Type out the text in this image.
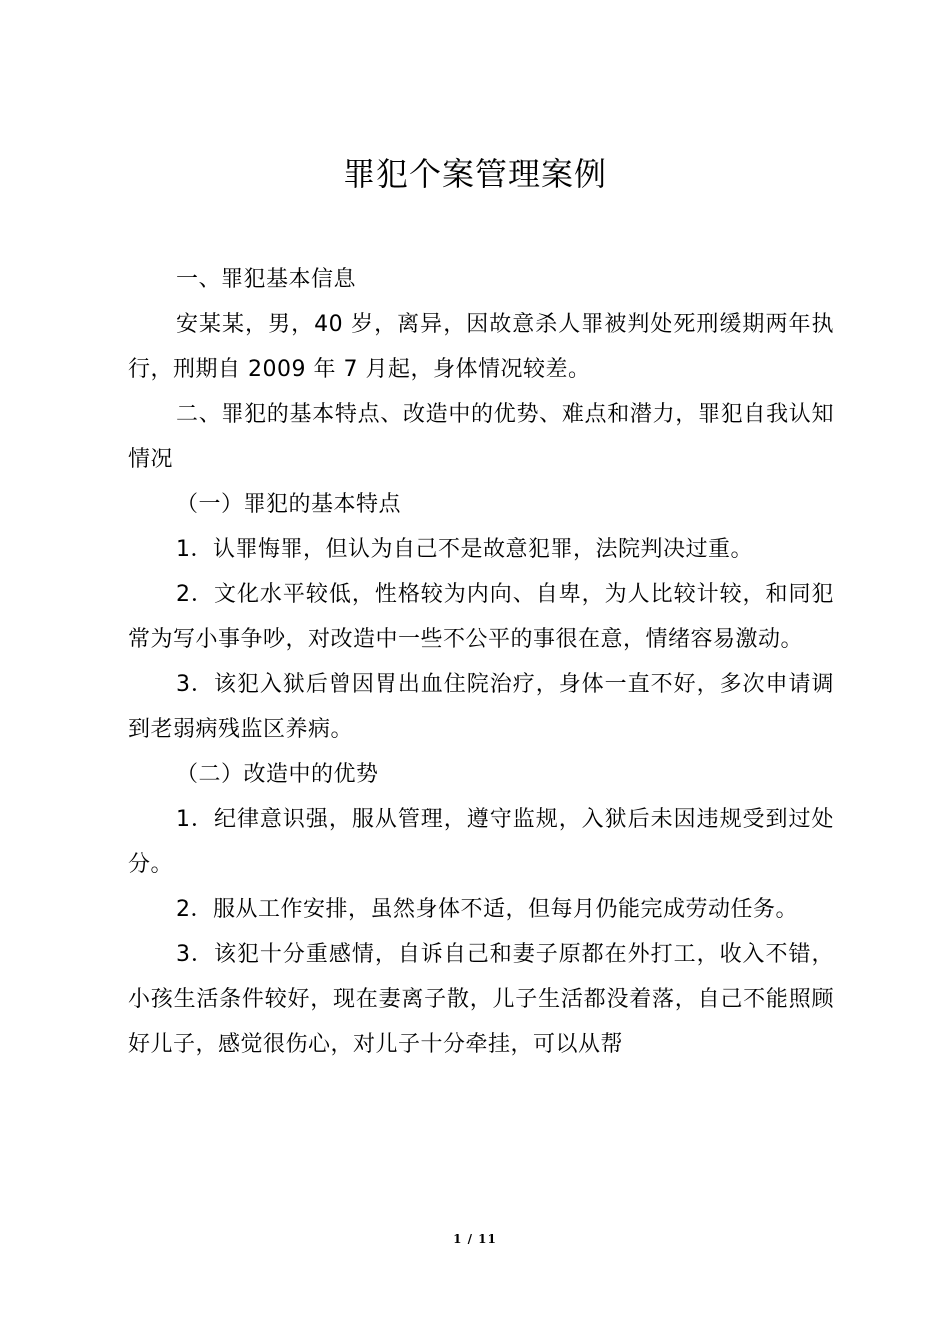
罪犯个案管理案例

一、罪犯基本信息

安某某，男，40 岁，离异，因故意杀人罪被判处死刑缓期两年执行，刑期自 2009 年 7 月起，身体情况较差。

二、罪犯的基本特点、改造中的优势、难点和潜力，罪犯自我认知情况

（一）罪犯的基本特点

1．认罪悔罪，但认为自己不是故意犯罪，法院判决过重。

2．文化水平较低，性格较为内向、自卑，为人比较计较，和同犯常为写小事争吵，对改造中一些不公平的事很在意，情绪容易激动。

3．该犯入狱后曾因胃出血住院治疗，身体一直不好，多次申请调到老弱病残监区养病。

（二）改造中的优势

1．纪律意识强，服从管理，遵守监规，入狱后未因违规受到过处分。

2．服从工作安排，虽然身体不适，但每月仍能完成劳动任务。

3．该犯十分重感情，自诉自己和妻子原都在外打工，收入不错，小孩生活条件较好，现在妻离子散，儿子生活都没着落，自己不能照顾好儿子，感觉很伤心，对儿子十分牵挂，可以从帮

1 / 11
